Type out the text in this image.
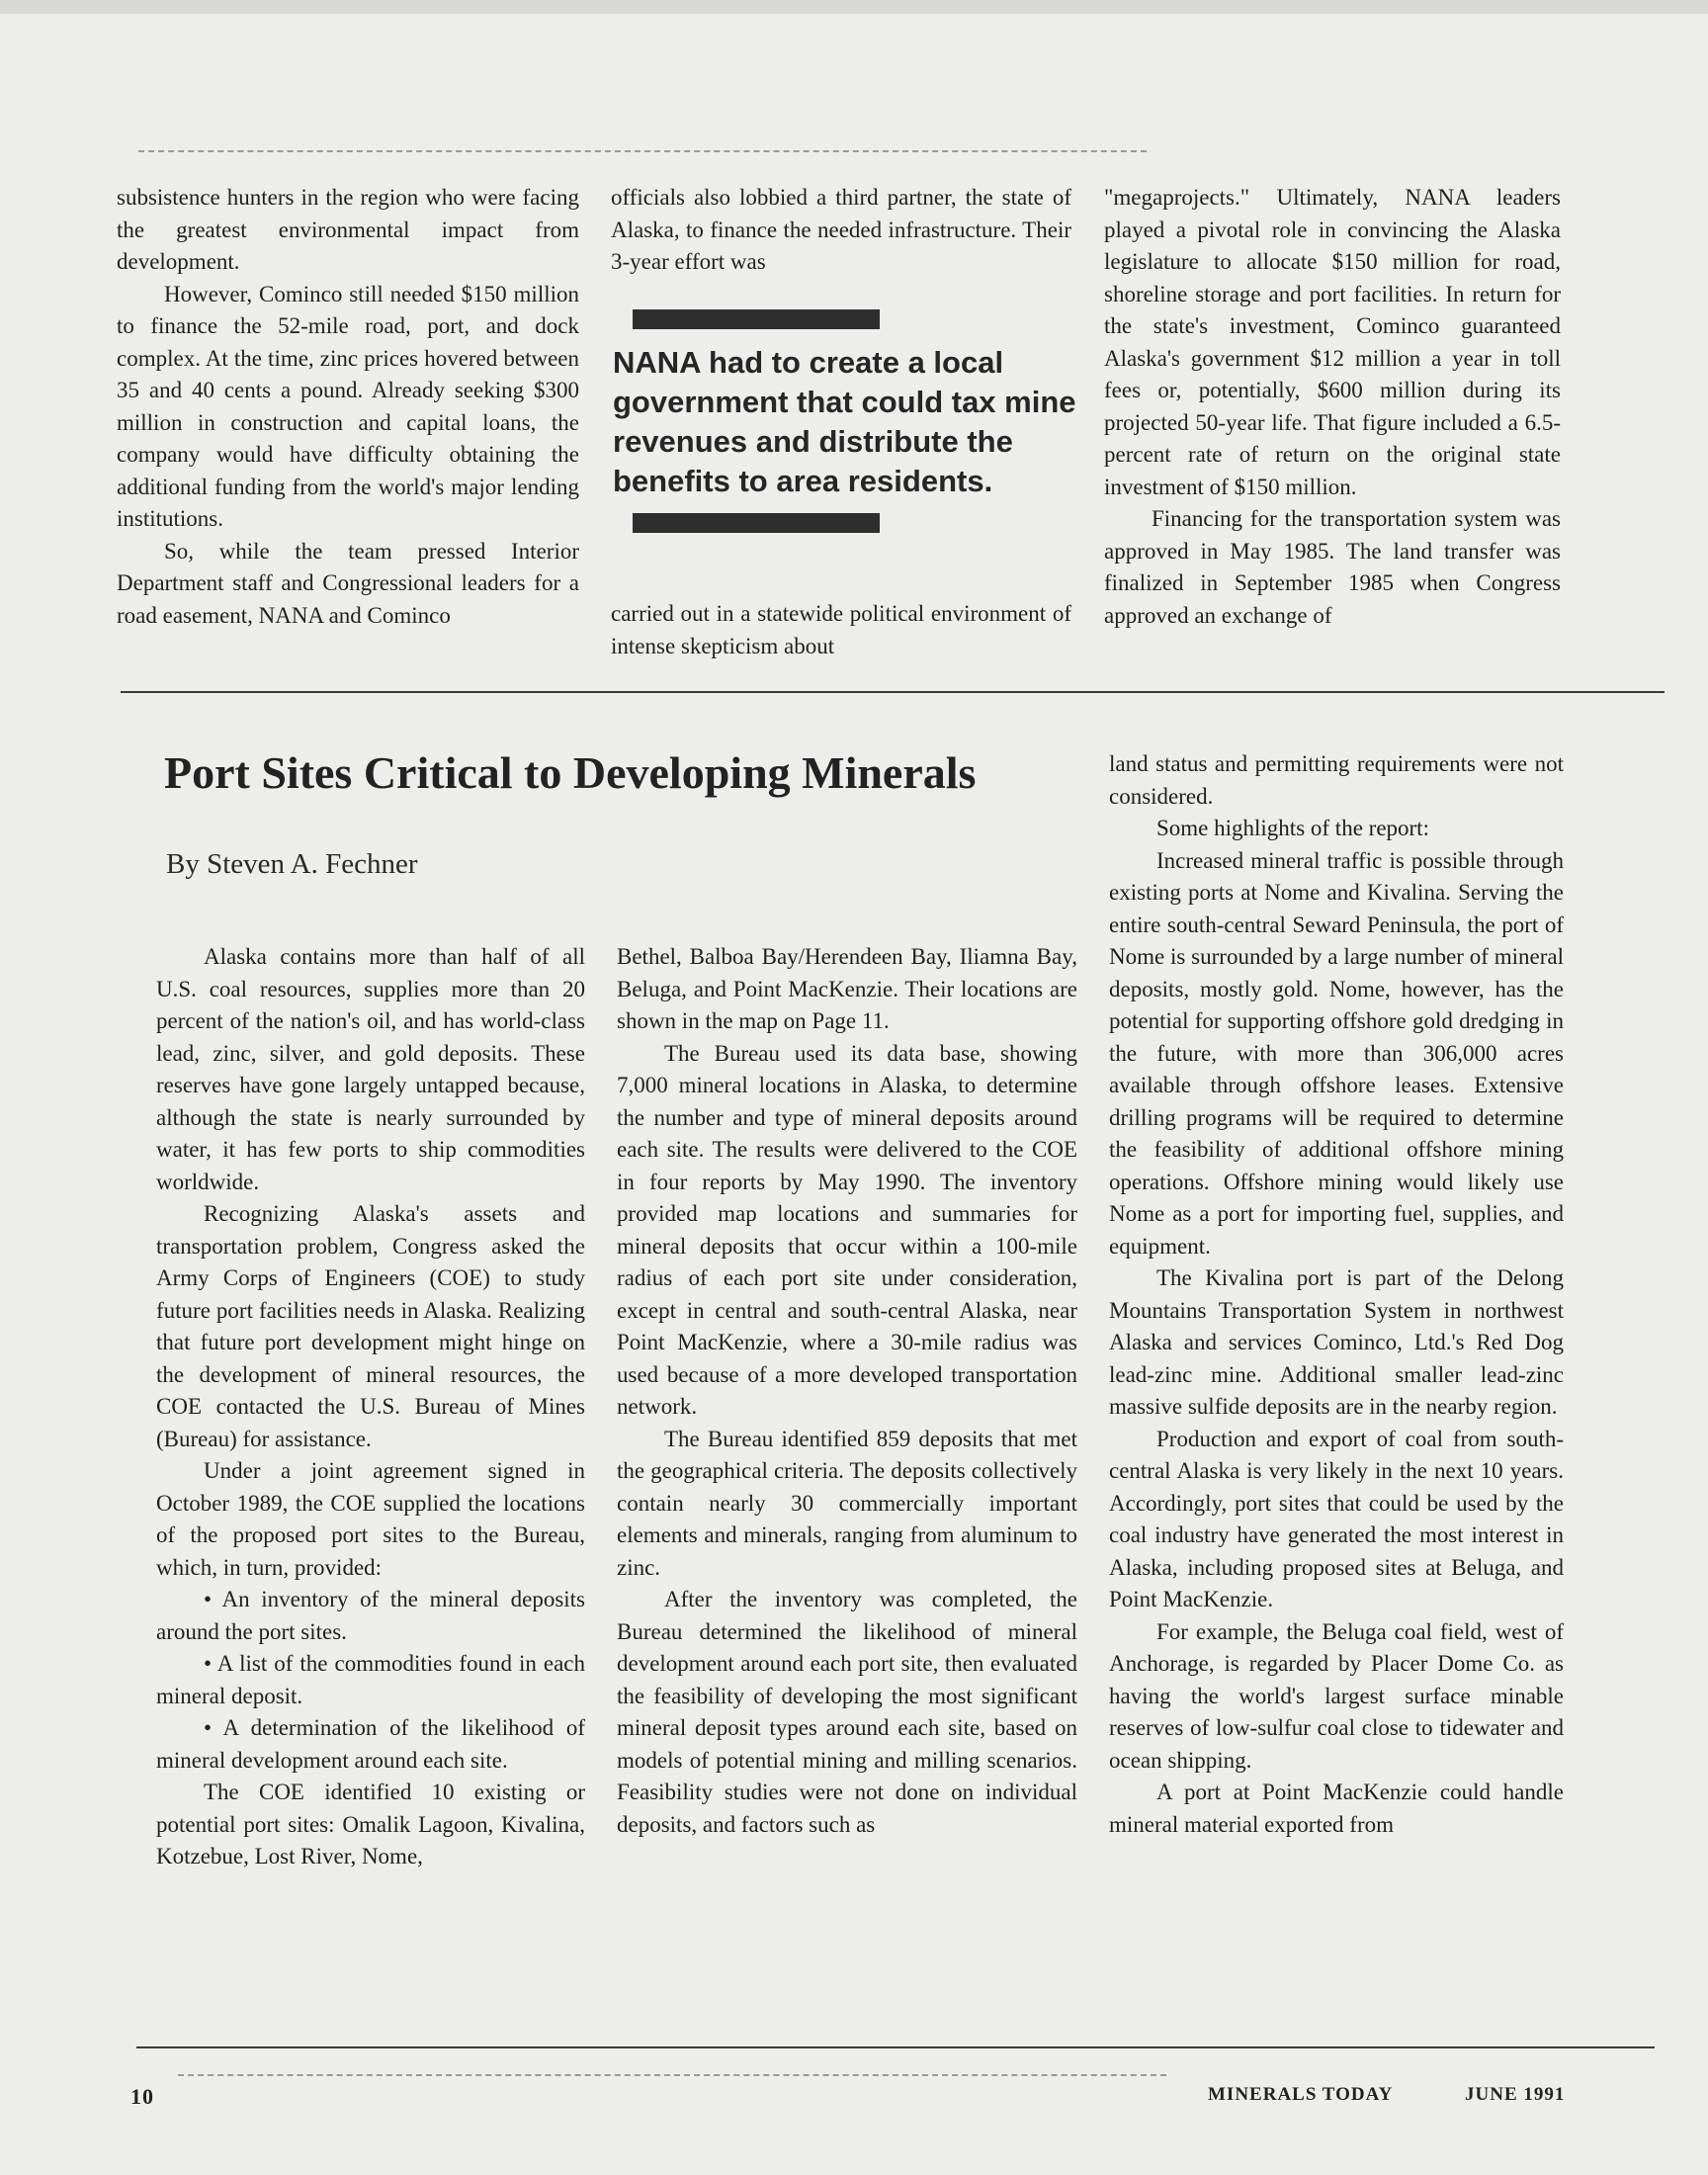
subsistence hunters in the region who were facing the greatest environmental impact from development.

However, Cominco still needed $150 million to finance the 52-mile road, port, and dock complex. At the time, zinc prices hovered between 35 and 40 cents a pound. Already seeking $300 million in construction and capital loans, the company would have difficulty obtaining the additional funding from the world's major lending institutions.

So, while the team pressed Interior Department staff and Congressional leaders for a road easement, NANA and Cominco

officials also lobbied a third partner, the state of Alaska, to finance the needed infrastructure. Their 3-year effort was

NANA had to create a local government that could tax mine revenues and distribute the benefits to area residents.

carried out in a statewide political environment of intense skepticism about

"megaprojects." Ultimately, NANA leaders played a pivotal role in convincing the Alaska legislature to allocate $150 million for road, shoreline storage and port facilities. In return for the state's investment, Cominco guaranteed Alaska's government $12 million a year in toll fees or, potentially, $600 million during its projected 50-year life. That figure included a 6.5-percent rate of return on the original state investment of $150 million.

Financing for the transportation system was approved in May 1985. The land transfer was finalized in September 1985 when Congress approved an exchange of

Port Sites Critical to Developing Minerals
By Steven A. Fechner

Alaska contains more than half of all U.S. coal resources, supplies more than 20 percent of the nation's oil, and has world-class lead, zinc, silver, and gold deposits. These reserves have gone largely untapped because, although the state is nearly surrounded by water, it has few ports to ship commodities worldwide.

Recognizing Alaska's assets and transportation problem, Congress asked the Army Corps of Engineers (COE) to study future port facilities needs in Alaska. Realizing that future port development might hinge on the development of mineral resources, the COE contacted the U.S. Bureau of Mines (Bureau) for assistance.

Under a joint agreement signed in October 1989, the COE supplied the locations of the proposed port sites to the Bureau, which, in turn, provided:

• An inventory of the mineral deposits around the port sites.

• A list of the commodities found in each mineral deposit.

• A determination of the likelihood of mineral development around each site.

The COE identified 10 existing or potential port sites: Omalik Lagoon, Kivalina, Kotzebue, Lost River, Nome,

Bethel, Balboa Bay/Herendeen Bay, Iliamna Bay, Beluga, and Point MacKenzie. Their locations are shown in the map on Page 11.

The Bureau used its data base, showing 7,000 mineral locations in Alaska, to determine the number and type of mineral deposits around each site. The results were delivered to the COE in four reports by May 1990. The inventory provided map locations and summaries for mineral deposits that occur within a 100-mile radius of each port site under consideration, except in central and south-central Alaska, near Point MacKenzie, where a 30-mile radius was used because of a more developed transportation network.

The Bureau identified 859 deposits that met the geographical criteria. The deposits collectively contain nearly 30 commercially important elements and minerals, ranging from aluminum to zinc.

After the inventory was completed, the Bureau determined the likelihood of mineral development around each port site, then evaluated the feasibility of developing the most significant mineral deposit types around each site, based on models of potential mining and milling scenarios. Feasibility studies were not done on individual deposits, and factors such as

land status and permitting requirements were not considered.

Some highlights of the report:

Increased mineral traffic is possible through existing ports at Nome and Kivalina. Serving the entire south-central Seward Peninsula, the port of Nome is surrounded by a large number of mineral deposits, mostly gold. Nome, however, has the potential for supporting offshore gold dredging in the future, with more than 306,000 acres available through offshore leases. Extensive drilling programs will be required to determine the feasibility of additional offshore mining operations. Offshore mining would likely use Nome as a port for importing fuel, supplies, and equipment.

The Kivalina port is part of the Delong Mountains Transportation System in northwest Alaska and services Cominco, Ltd.'s Red Dog lead-zinc mine. Additional smaller lead-zinc massive sulfide deposits are in the nearby region.

Production and export of coal from south-central Alaska is very likely in the next 10 years. Accordingly, port sites that could be used by the coal industry have generated the most interest in Alaska, including proposed sites at Beluga, and Point MacKenzie.

For example, the Beluga coal field, west of Anchorage, is regarded by Placer Dome Co. as having the world's largest surface minable reserves of low-sulfur coal close to tidewater and ocean shipping.

A port at Point MacKenzie could handle mineral material exported from

10	MINERALS TODAY	JUNE 1991
